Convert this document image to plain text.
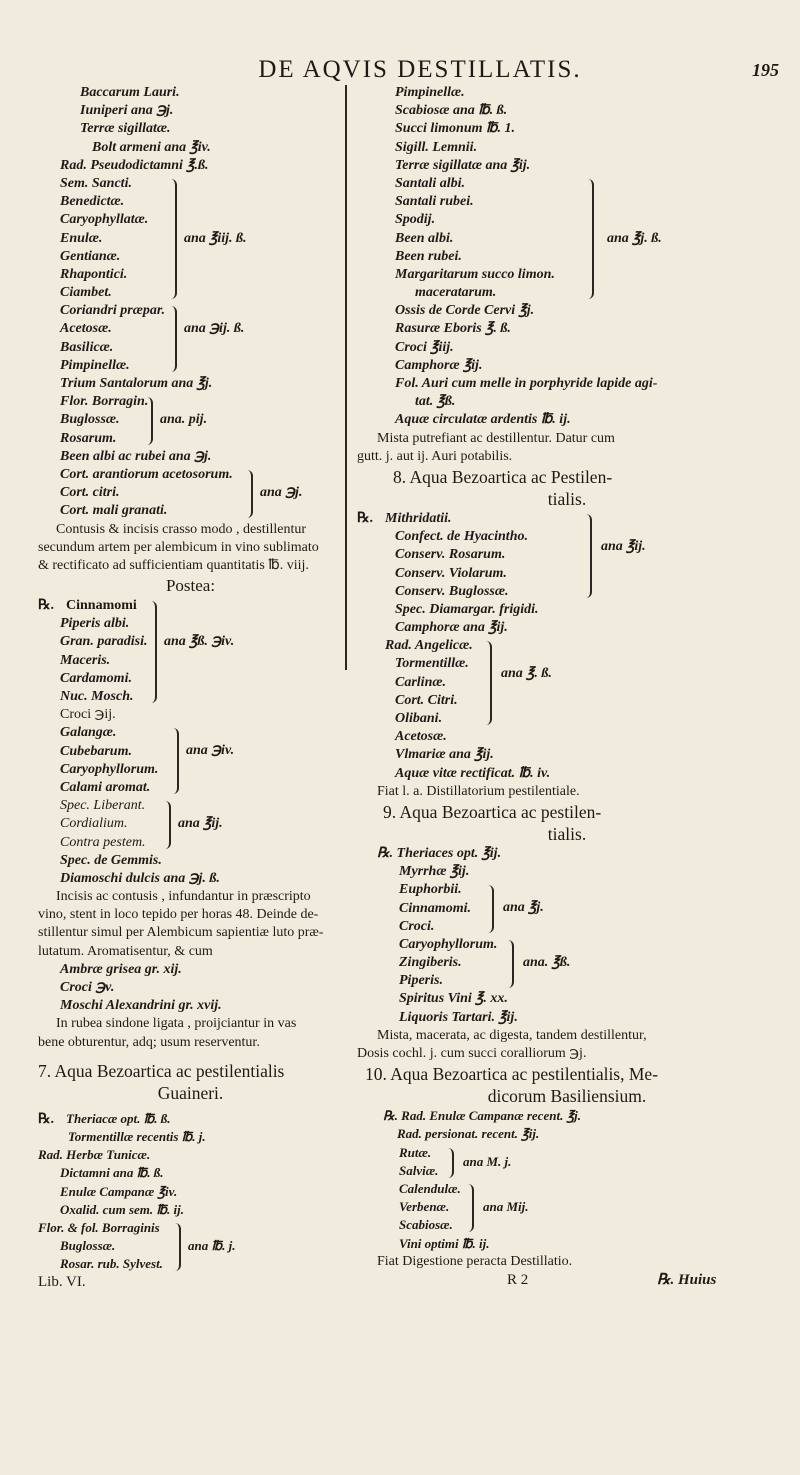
DE AQVIS DESTILLATIS.	195
Baccarum Lauri.
Iuniperi ana ℈j.
Terræ sigillatæ.
Bolt armeni ana ℥iv.
Rad. Pseudodictamni ℥.ß.
Sem. Sancti.
Benedictæ.
Caryophyllatæ.
Enulæ.
Gentianæ.
Rhapontici.
Ciambet.
ana ℥iij. ß.
Coriandri præpar.
Acetosæ.
Basilicæ.
Pimpinellæ.
ana ℈ij. ß.
Trium Santalorum ana ℥j.
Flor. Borragin.
Buglossæ.
Rosarum.
ana. pij.
Been albi ac rubei ana ℈j.
Cort. arantiorum acetosorum.
Cort. citri.
Cort. mali granati.
ana ℈j.
Contusis & incisis crasso modo , destillentur
secundum artem per alembicum in vino sublimato
& rectificato ad sufficientiam quantitatis ℔. viij.
Postea:
℞. Cinnamomi
Piperis albi.
Gran. paradisi.
Maceris.
Cardamomi.
Nuc. Mosch.
ana ℥ß. ℈iv.
Croci ℈ij.
Galangæ.
Cubebarum.
Caryophyllorum.
Calami aromat.
ana ℈iv.
Spec. Liberant.
Cordialium.
Contra pestem.
ana ℥ij.
Spec. de Gemmis.
Diamoschi dulcis ana ℈j. ß.
Incisis ac contusis , infundantur in præscripto
vino, stent in loco tepido per horas 48. Deinde de-
stillentur simul per Alembicum sapientiæ luto præ-
lutatum. Aromatisentur, & cum
Ambræ grisea gr. xij.
Croci ℈v.
Moschi Alexandrini gr. xvij.
In rubea sindone ligata , proijciantur in vas
bene obturentur, adq; usum reserventur.
7. Aqua Bezoartica ac pestilentialis
Guaineri.
℞. Theriacæ opt. ℔. ß.
Tormentillæ recentis ℔. j.
Rad. Herbæ Tunicæ.
Dictamni ana ℔. ß.
Enulæ Campanæ ℥iv.
Oxalid. cum sem. ℔. ij.
Flor. & fol. Borraginis
Buglossæ.
Rosar. rub. Sylvest.
ana ℔. j.
Lib. VI.
Pimpinellæ.
Scabiosæ ana ℔. ß.
Succi limonum ℔. 1.
Sigill. Lemnii.
Terræ sigillatæ ana ℥ij.
Santali albi.
Santali rubei.
Spodij.
Been albi.
Been rubei.
Margaritarum succo limon.
maceratarum.
ana ℥j. ß.
Ossis de Corde Cervi ℥j.
Rasuræ Eboris ℥. ß.
Croci ℥iij.
Camphoræ ℥ij.
Fol. Auri cum melle in porphyride lapide agi-
tat. ℥ß.
Aquæ circulatæ ardentis ℔. ij.
Mista putrefiant ac destillentur. Datur cum
gutt. j. aut ij. Auri potabilis.
8. Aqua Bezoartica ac Pestilen-
tialis.
℞. Mithridatii.
Confect. de Hyacintho.
Conserv. Rosarum.
Conserv. Violarum.
Conserv. Buglossæ.
ana ℥ij.
Spec. Diamargar. frigidi.
Camphoræ ana ℥ij.
Rad. Angelicæ.
Tormentillæ.
Carlinæ.
Cort. Citri.
Olibani.
ana ℥. ß.
Acetosæ.
Vlmariæ ana ℥ij.
Aquæ vitæ rectificat. ℔. iv.
Fiat l. a. Distillatorium pestilentiale.
9. Aqua Bezoartica ac pestilen-
tialis.
℞. Theriaces opt. ℥ij.
Myrrhæ ℥ij.
Euphorbii.
Cinnamomi.
Croci.
ana ℥j.
Caryophyllorum.
Zingiberis.
Piperis.
ana. ℥ß.
Spiritus Vini ℥. xx.
Liquoris Tartari. ℥ij.
Mista, macerata, ac digesta, tandem destillentur,
Dosis cochl. j. cum succi coralliorum ℈j.
10. Aqua Bezoartica ac pestilentialis, Me-
dicorum Basiliensium.
℞. Rad. Enulæ Campanæ recent. ℥j.
Rad. persionat. recent. ℥ij.
Rutæ.
Salviæ.
ana M. j.
Calendulæ.
Verbenæ.
Scabiosæ.
ana Mij.
Vini optimi ℔. ij.
Fiat Digestione peracta Destillatio.
R 2	℞. Huius
